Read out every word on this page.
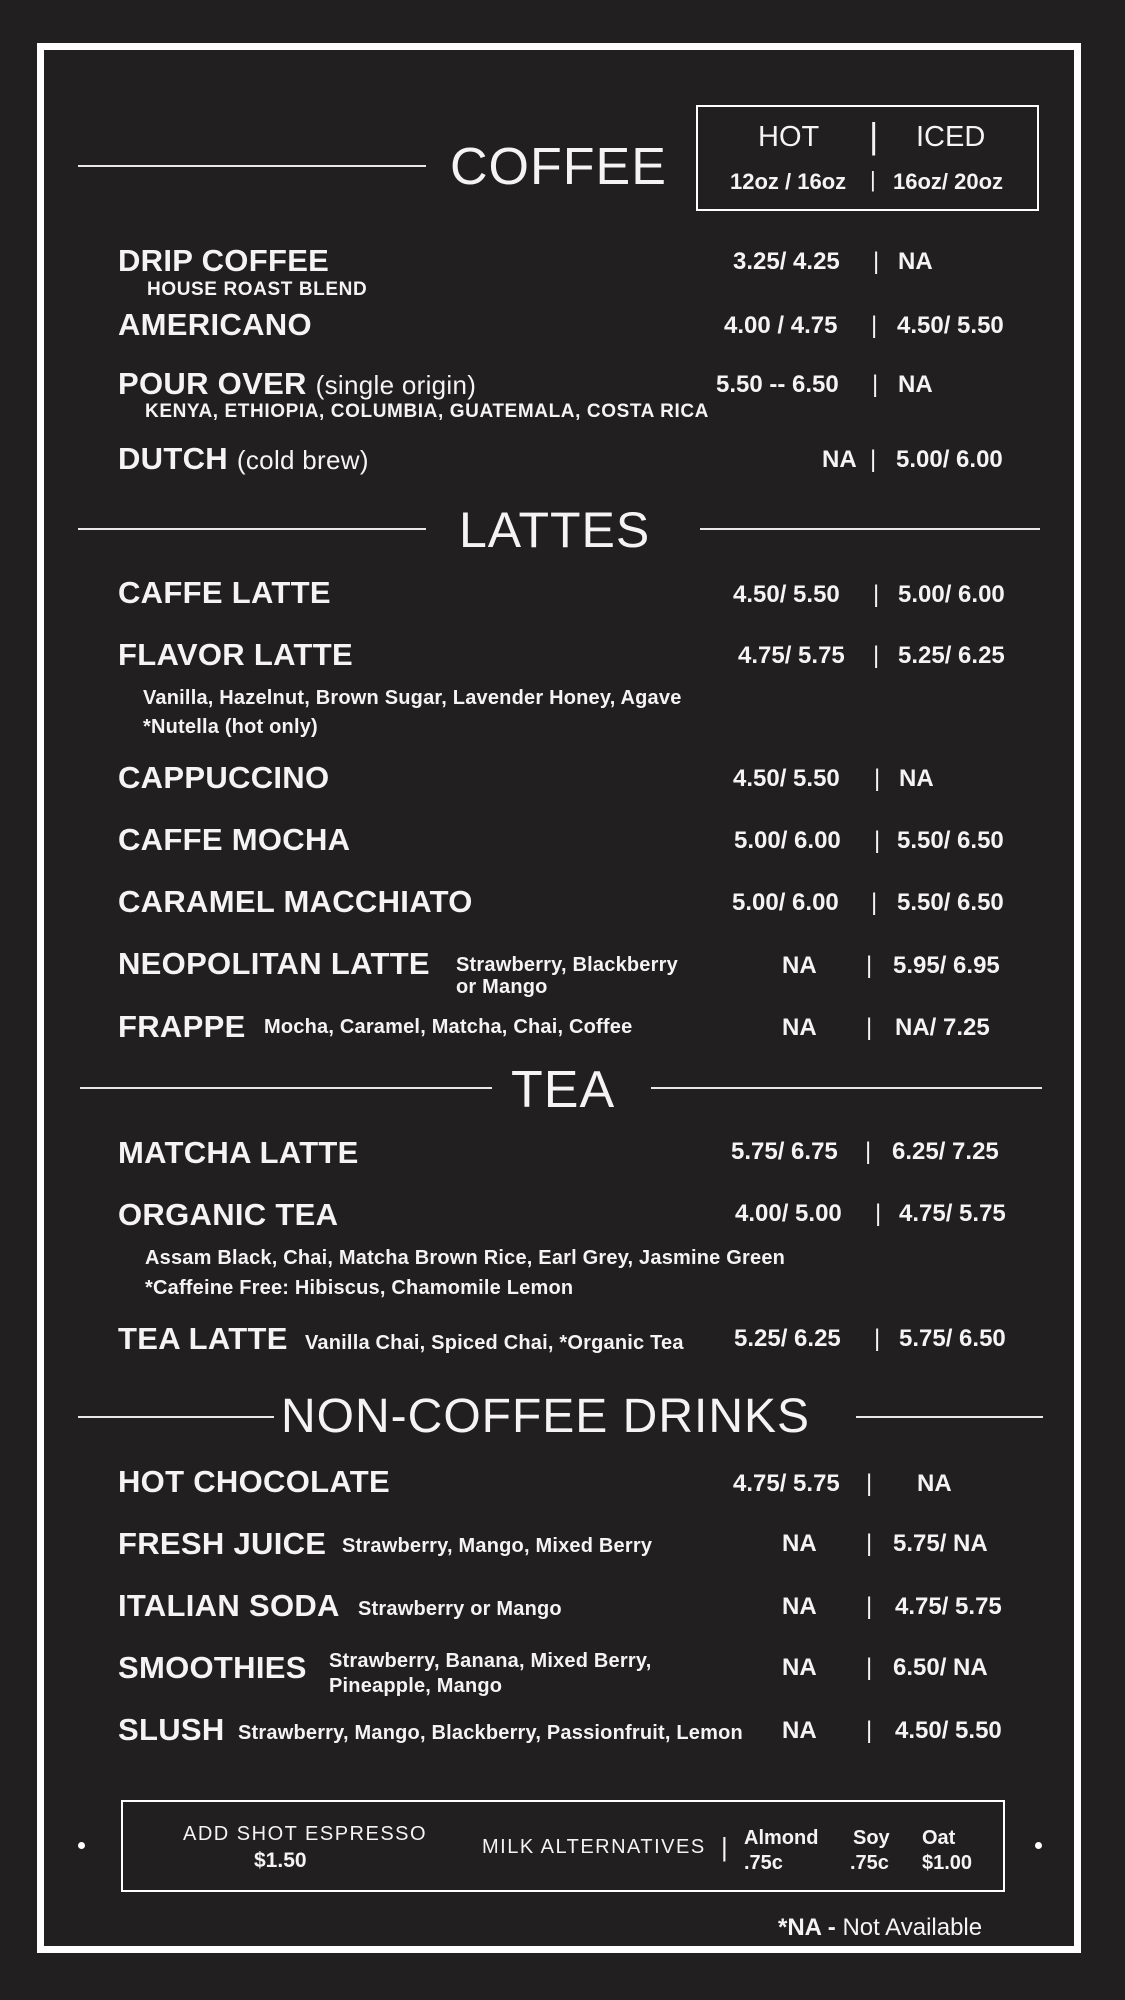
COFFEE
HOT | ICED
12oz / 16oz | 16oz/ 20oz
DRIP COFFEE
HOUSE ROAST BLEND
3.25/ 4.25 | NA
AMERICANO	4.00 / 4.75 | 4.50/ 5.50
POUR OVER (single origin)
KENYA, ETHIOPIA, COLUMBIA, GUATEMALA, COSTA RICA
5.50 -- 6.50 | NA
DUTCH (cold brew)	NA | 5.00/ 6.00
LATTES
CAFFE LATTE	4.50/ 5.50 | 5.00/ 6.00
FLAVOR LATTE	4.75/ 5.75 | 5.25/ 6.25
Vanilla, Hazelnut, Brown Sugar, Lavender Honey, Agave
*Nutella (hot only)
CAPPUCCINO	4.50/ 5.50 | NA
CAFFE MOCHA	5.00/ 6.00 | 5.50/ 6.50
CARAMEL MACCHIATO	5.00/ 6.00 | 5.50/ 6.50
NEOPOLITAN LATTE Strawberry, Blackberry
or Mango
NA | 5.95/ 6.95
FRAPPE Mocha, Caramel, Matcha, Chai, Coffee	NA | NA/ 7.25
TEA
MATCHA LATTE	5.75/ 6.75 | 6.25/ 7.25
ORGANIC TEA	4.00/ 5.00 | 4.75/ 5.75
Assam Black, Chai, Matcha Brown Rice, Earl Grey, Jasmine Green
*Caffeine Free: Hibiscus, Chamomile Lemon
TEA LATTE Vanilla Chai, Spiced Chai, *Organic Tea 5.25/ 6.25 | 5.75/ 6.50
NON-COFFEE DRINKS
HOT CHOCOLATE	4.75/ 5.75 | NA
FRESH JUICE Strawberry, Mango, Mixed Berry	NA | 5.75/ NA
ITALIAN SODA Strawberry or Mango	NA | 4.75/ 5.75
SMOOTHIES Strawberry, Banana, Mixed Berry,
Pineapple, Mango
NA | 6.50/ NA
SLUSH Strawberry, Mango, Blackberry, Passionfruit, Lemon NA | 4.50/ 5.50
ADD SHOT ESPRESSO
$1.50
MILK ALTERNATIVES | Almond
.75c
Soy
.75c
Oat
$1.00
*NA - Not Available
